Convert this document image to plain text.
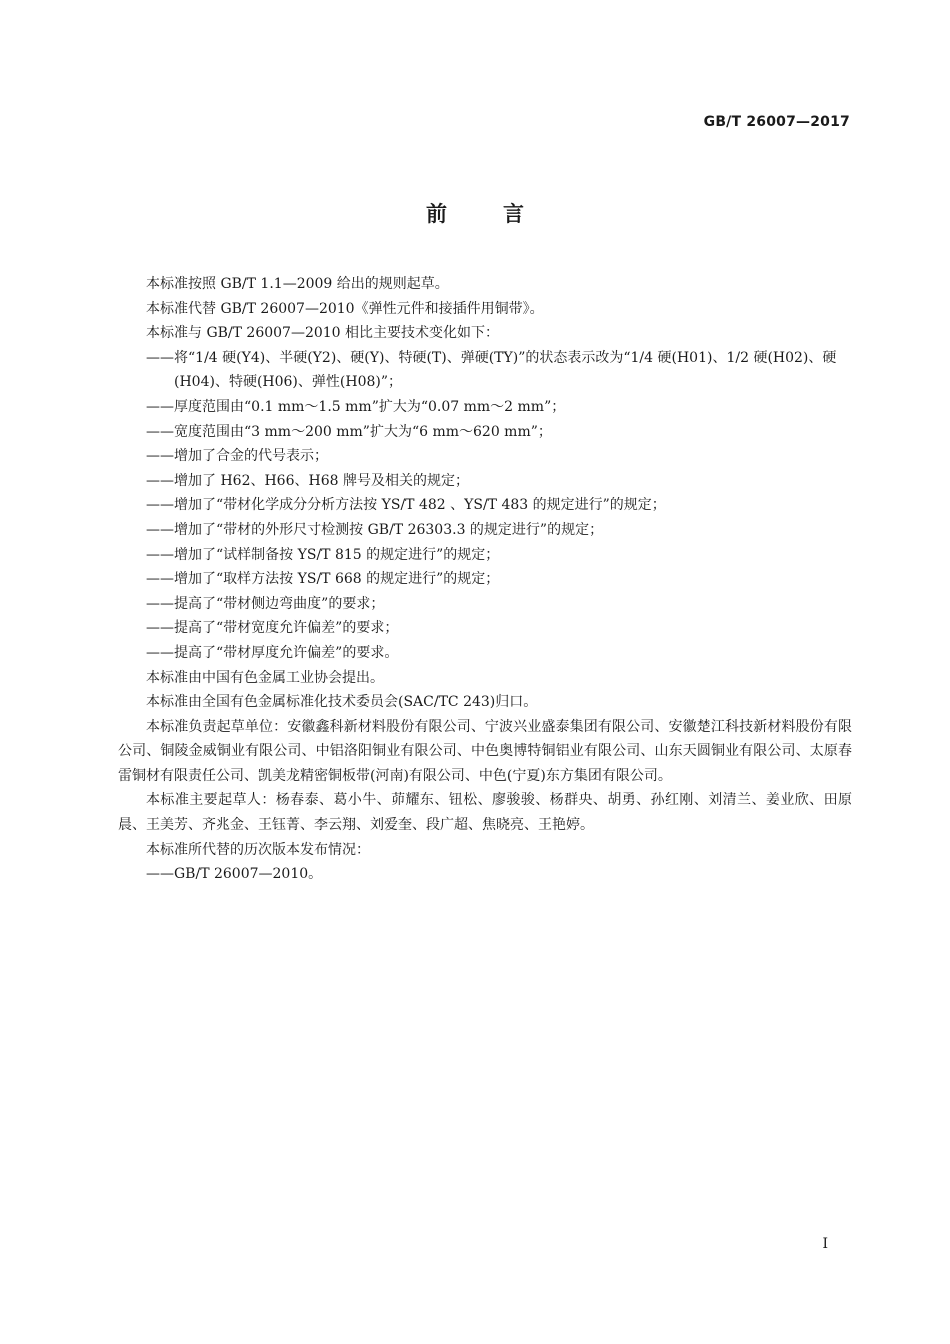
GB/T 26007—2017
前言

本标准按照 GB/T 1.1—2009 给出的规则起草。

本标准代替 GB/T 26007—2010《弹性元件和接插件用铜带》。

本标准与 GB/T 26007—2010 相比主要技术变化如下：

——将“1/4 硬(Y4)、半硬(Y2)、硬(Y)、特硬(T)、弹硬(TY)”的状态表示改为“1/4 硬(H01)、1/2 硬(H02)、硬(H04)、特硬(H06)、弹性(H08)”；

——厚度范围由“0.1 mm～1.5 mm”扩大为“0.07 mm～2 mm”；

——宽度范围由“3 mm～200 mm”扩大为“6 mm～620 mm”；

——增加了合金的代号表示；

——增加了 H62、H66、H68 牌号及相关的规定；

——增加了“带材化学成分分析方法按 YS/T 482 、YS/T 483 的规定进行”的规定；

——增加了“带材的外形尺寸检测按 GB/T 26303.3 的规定进行”的规定；

——增加了“试样制备按 YS/T 815 的规定进行”的规定；

——增加了“取样方法按 YS/T 668 的规定进行”的规定；

——提高了“带材侧边弯曲度”的要求；

——提高了“带材宽度允许偏差”的要求；

——提高了“带材厚度允许偏差”的要求。

本标准由中国有色金属工业协会提出。

本标准由全国有色金属标准化技术委员会(SAC/TC 243)归口。

本标准负责起草单位：安徽鑫科新材料股份有限公司、宁波兴业盛泰集团有限公司、安徽楚江科技新材料股份有限公司、铜陵金威铜业有限公司、中铝洛阳铜业有限公司、中色奥博特铜铝业有限公司、山东天圆铜业有限公司、太原春雷铜材有限责任公司、凯美龙精密铜板带(河南)有限公司、中色(宁夏)东方集团有限公司。

本标准主要起草人：杨春泰、葛小牛、茆耀东、钮松、廖骏骏、杨群央、胡勇、孙红刚、刘清兰、姜业欣、田原晨、王美芳、齐兆金、王钰菁、李云翔、刘爱奎、段广超、焦晓亮、王艳婷。

本标准所代替的历次版本发布情况：

——GB/T 26007—2010。

I
